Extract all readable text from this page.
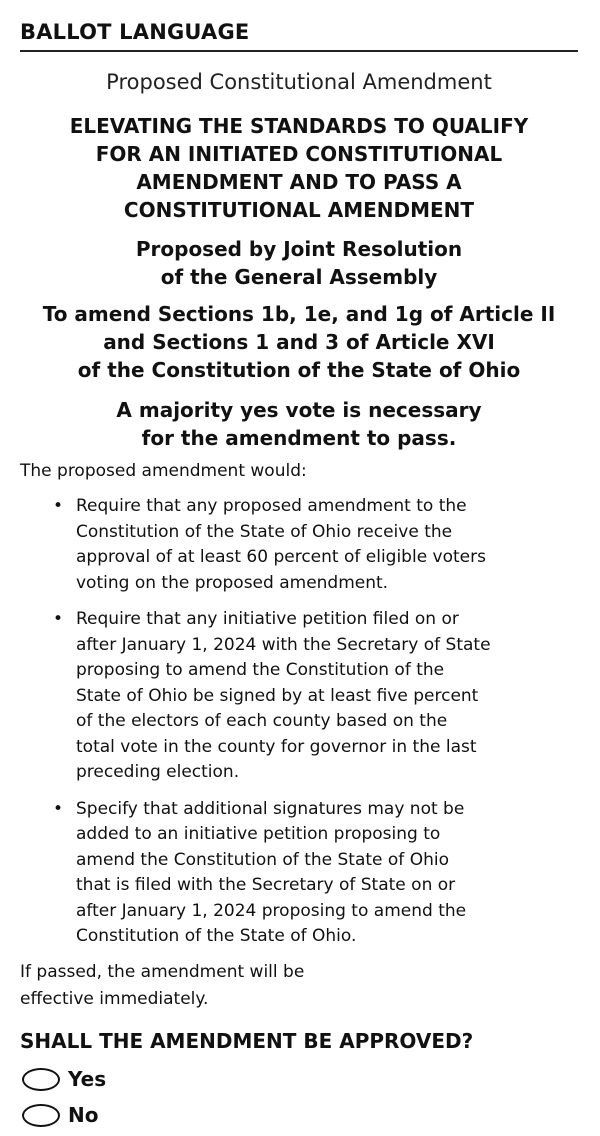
BALLOT LANGUAGE

Proposed Constitutional Amendment

ELEVATING THE STANDARDS TO QUALIFY
FOR AN INITIATED CONSTITUTIONAL
AMENDMENT AND TO PASS A
CONSTITUTIONAL AMENDMENT

Proposed by Joint Resolution
of the General Assembly

To amend Sections 1b, 1e, and 1g of Article II
and Sections 1 and 3 of Article XVI
of the Constitution of the State of Ohio

A majority yes vote is necessary
for the amendment to pass.

The proposed amendment would:

• Require that any proposed amendment to the
Constitution of the State of Ohio receive the
approval of at least 60 percent of eligible voters
voting on the proposed amendment.
• Require that any initiative petition filed on or
after January 1, 2024 with the Secretary of State
proposing to amend the Constitution of the
State of Ohio be signed by at least five percent
of the electors of each county based on the
total vote in the county for governor in the last
preceding election.
• Specify that additional signatures may not be
added to an initiative petition proposing to
amend the Constitution of the State of Ohio
that is filed with the Secretary of State on or
after January 1, 2024 proposing to amend the
Constitution of the State of Ohio.

If passed, the amendment will be
effective immediately.

SHALL THE AMENDMENT BE APPROVED?

Yes
No
